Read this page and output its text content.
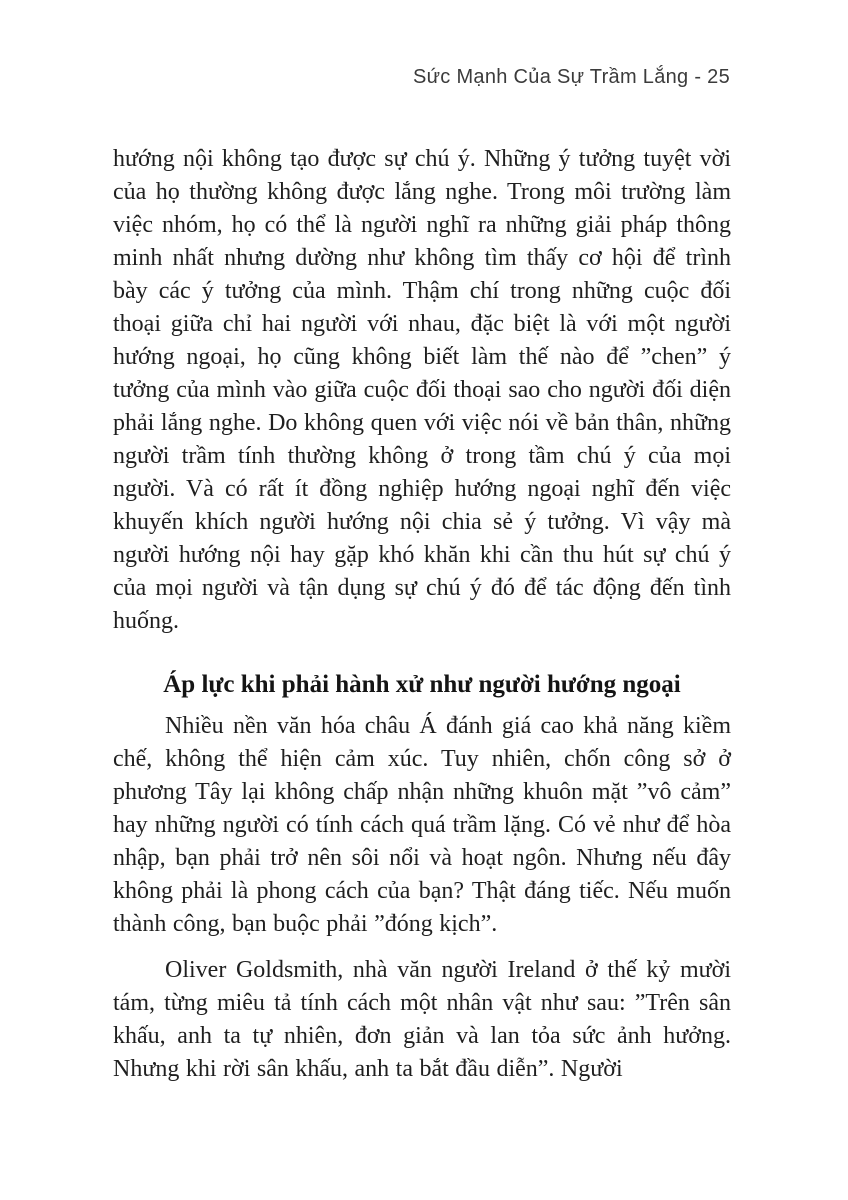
Sức Mạnh Của Sự Trầm Lắng - 25

hướng nội không tạo được sự chú ý. Những ý tưởng tuyệt vời của họ thường không được lắng nghe. Trong môi trường làm việc nhóm, họ có thể là người nghĩ ra những giải pháp thông minh nhất nhưng dường như không tìm thấy cơ hội để trình bày các ý tưởng của mình. Thậm chí trong những cuộc đối thoại giữa chỉ hai người với nhau, đặc biệt là với một người hướng ngoại, họ cũng không biết làm thế nào để ”chen” ý tưởng của mình vào giữa cuộc đối thoại sao cho người đối diện phải lắng nghe. Do không quen với việc nói về bản thân, những người trầm tính thường không ở trong tầm chú ý của mọi người. Và có rất ít đồng nghiệp hướng ngoại nghĩ đến việc khuyến khích người hướng nội chia sẻ ý tưởng. Vì vậy mà người hướng nội hay gặp khó khăn khi cần thu hút sự chú ý của mọi người và tận dụng sự chú ý đó để tác động đến tình huống.

Áp lực khi phải hành xử như người hướng ngoại

Nhiều nền văn hóa châu Á đánh giá cao khả năng kiềm chế, không thể hiện cảm xúc. Tuy nhiên, chốn công sở ở phương Tây lại không chấp nhận những khuôn mặt ”vô cảm” hay những người có tính cách quá trầm lặng. Có vẻ như để hòa nhập, bạn phải trở nên sôi nổi và hoạt ngôn. Nhưng nếu đây không phải là phong cách của bạn? Thật đáng tiếc. Nếu muốn thành công, bạn buộc phải ”đóng kịch”.

Oliver Goldsmith, nhà văn người Ireland ở thế kỷ mười tám, từng miêu tả tính cách một nhân vật như sau: ”Trên sân khấu, anh ta tự nhiên, đơn giản và lan tỏa sức ảnh hưởng. Nhưng khi rời sân khấu, anh ta bắt đầu diễn”. Người
